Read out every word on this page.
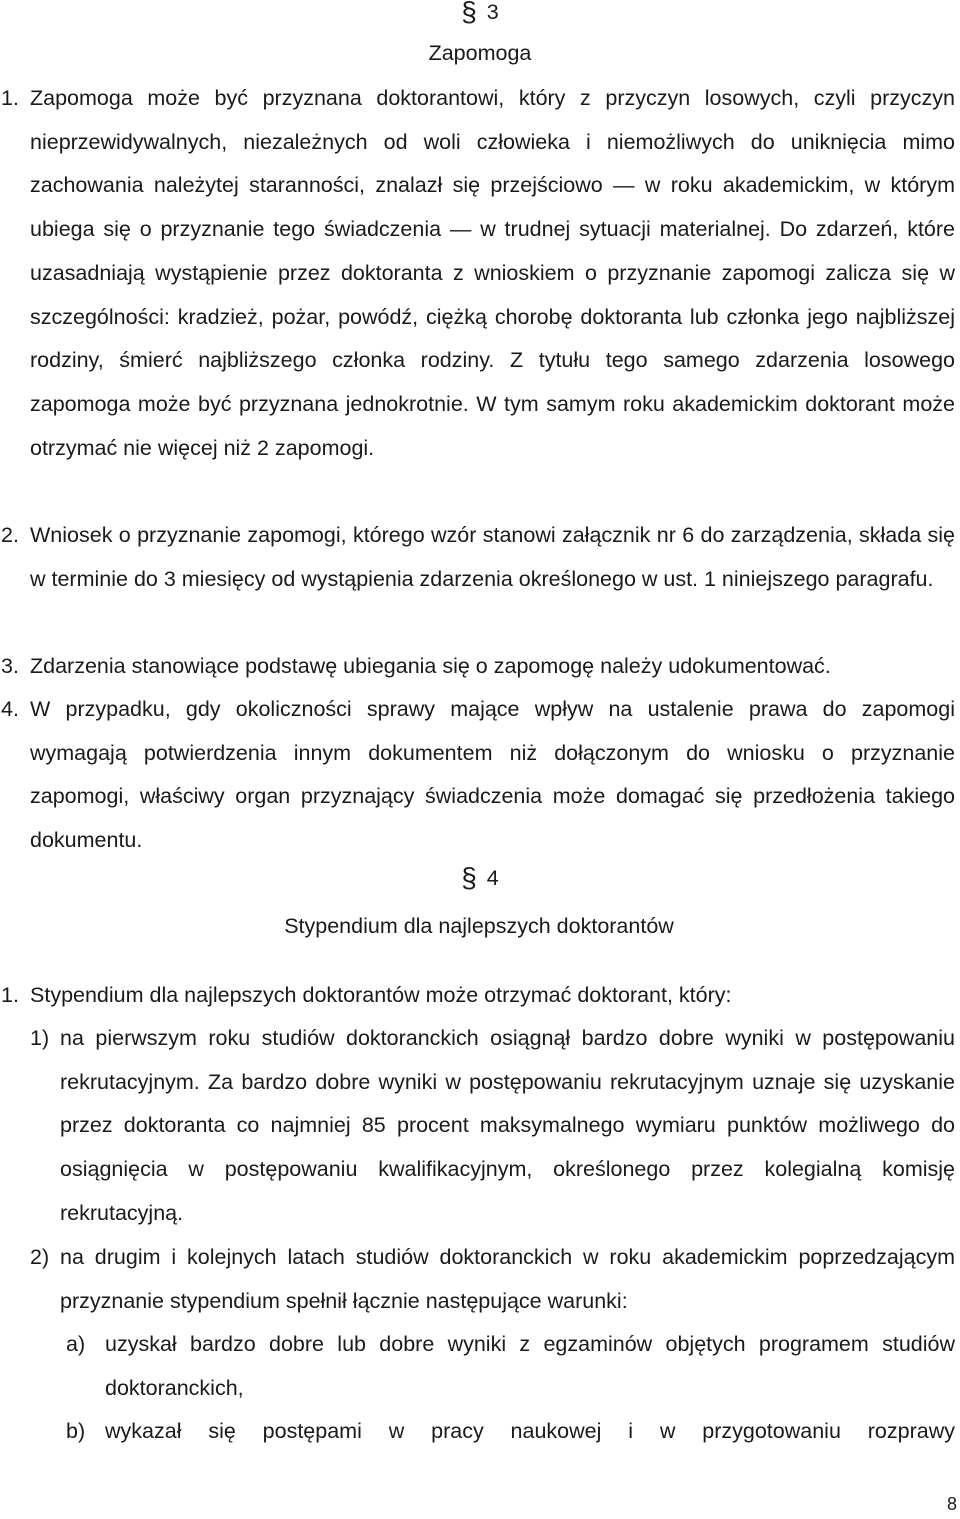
§ 3
Zapomoga
1. Zapomoga może być przyznana doktorantowi, który z przyczyn losowych, czyli przyczyn nieprzewidywalnych, niezależnych od woli człowieka i niemożliwych do uniknięcia mimo zachowania należytej staranności, znalazł się przejściowo — w roku akademickim, w którym ubiega się o przyznanie tego świadczenia — w trudnej sytuacji materialnej. Do zdarzeń, które uzasadniają wystąpienie przez doktoranta z wnioskiem o przyznanie zapomogi zalicza się w szczególności: kradzież, pożar, powódź, ciężką chorobę doktoranta lub członka jego najbliższej rodziny, śmierć najbliższego członka rodziny. Z tytułu tego samego zdarzenia losowego zapomoga może być przyznana jednokrotnie. W tym samym roku akademickim doktorant może otrzymać nie więcej niż 2 zapomogi.
2. Wniosek o przyznanie zapomogi, którego wzór stanowi załącznik nr 6 do zarządzenia, składa się w terminie do 3 miesięcy od wystąpienia zdarzenia określonego w ust. 1 niniejszego paragrafu.
3. Zdarzenia stanowiące podstawę ubiegania się o zapomogę należy udokumentować.
4. W przypadku, gdy okoliczności sprawy mające wpływ na ustalenie prawa do zapomogi wymagają potwierdzenia innym dokumentem niż dołączonym do wniosku o przyznanie zapomogi, właściwy organ przyznający świadczenia może domagać się przedłożenia takiego dokumentu.
§ 4
Stypendium dla najlepszych doktorantów
1. Stypendium dla najlepszych doktorantów może otrzymać doktorant, który:
1) na pierwszym roku studiów doktoranckich osiągnął bardzo dobre wyniki w postępowaniu rekrutacyjnym. Za bardzo dobre wyniki w postępowaniu rekrutacyjnym uznaje się uzyskanie przez doktoranta co najmniej 85 procent maksymalnego wymiaru punktów możliwego do osiągnięcia w postępowaniu kwalifikacyjnym, określonego przez kolegialną komisję rekrutacyjną.
2) na drugim i kolejnych latach studiów doktoranckich w roku akademickim poprzedzającym przyznanie stypendium spełnił łącznie następujące warunki:
a) uzyskał bardzo dobre lub dobre wyniki z egzaminów objętych programem studiów doktoranckich,
b) wykazał się postępami w pracy naukowej i w przygotowaniu rozprawy
8
